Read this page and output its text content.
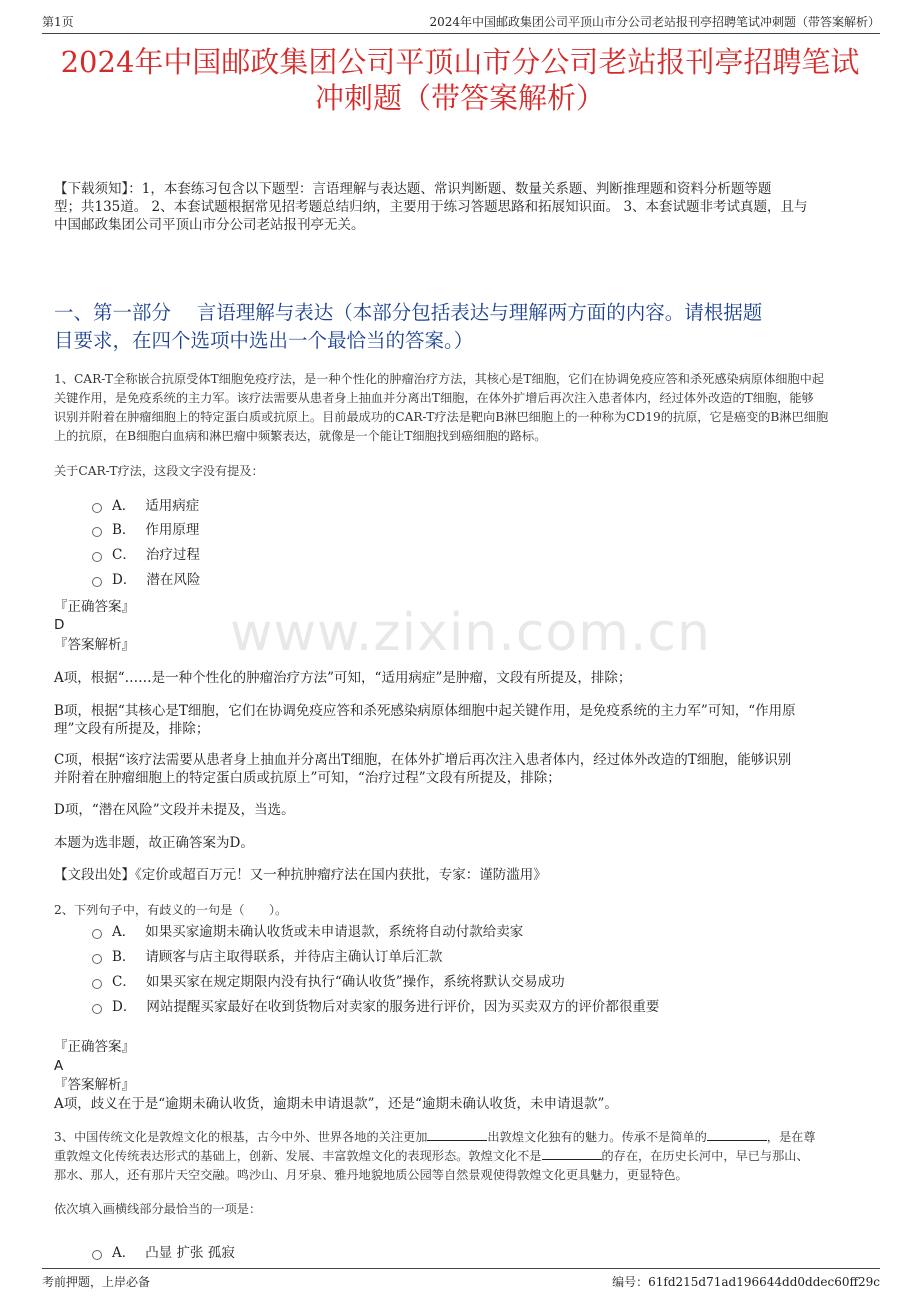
第1页	2024年中国邮政集团公司平顶山市分公司老站报刊亭招聘笔试冲刺题（带答案解析）
2024年中国邮政集团公司平顶山市分公司老站报刊亭招聘笔试
冲刺题（带答案解析）
【下载须知】：1，本套练习包含以下题型：言语理解与表达题、常识判断题、数量关系题、判断推理题和资料分析题等题
型；共135道。 2、本套试题根据常见招考题总结归纳，主要用于练习答题思路和拓展知识面。 3、本套试题非考试真题，且与
中国邮政集团公司平顶山市分公司老站报刊亭无关。
一、第一部分　 言语理解与表达（本部分包括表达与理解两方面的内容。请根据题
目要求，在四个选项中选出一个最恰当的答案。）
1、CAR-T全称嵌合抗原受体T细胞免疫疗法，是一种个性化的肿瘤治疗方法，其核心是T细胞，它们在协调免疫应答和杀死感染病原体细胞中起
关键作用，是免疫系统的主力军。该疗法需要从患者身上抽血并分离出T细胞，在体外扩增后再次注入患者体内，经过体外改造的T细胞，能够
识别并附着在肿瘤细胞上的特定蛋白质或抗原上。目前最成功的CAR-T疗法是靶向B淋巴细胞上的一种称为CD19的抗原，它是癌变的B淋巴细胞
上的抗原，在B细胞白血病和淋巴瘤中频繁表达，就像是一个能让T细胞找到癌细胞的路标。
关于CAR-T疗法，这段文字没有提及：
A． 适用病症
B． 作用原理
C． 治疗过程
D． 潜在风险
『正确答案』
D
『答案解析』
A项，根据“……是一种个性化的肿瘤治疗方法”可知，“适用病症”是肿瘤，文段有所提及，排除；
B项，根据“其核心是T细胞，它们在协调免疫应答和杀死感染病原体细胞中起关键作用，是免疫系统的主力军”可知，“作用原
理”文段有所提及，排除；
C项，根据“该疗法需要从患者身上抽血并分离出T细胞，在体外扩增后再次注入患者体内，经过体外改造的T细胞，能够识别
并附着在肿瘤细胞上的特定蛋白质或抗原上”可知，“治疗过程”文段有所提及，排除；
D项，“潜在风险”文段并未提及，当选。
本题为选非题，故正确答案为D。
【文段出处】《定价或超百万元！又一种抗肿瘤疗法在国内获批，专家：谨防滥用》
www.zixin.com.cn
2、下列句子中，有歧义的一句是（　　）。
A． 如果买家逾期未确认收货或未申请退款，系统将自动付款给卖家
B． 请顾客与店主取得联系，并待店主确认订单后汇款
C． 如果买家在规定期限内没有执行“确认收货”操作，系统将默认交易成功
D． 网站提醒买家最好在收到货物后对卖家的服务进行评价，因为买卖双方的评价都很重要
『正确答案』
A
『答案解析』
A项，歧义在于是“逾期未确认收货，逾期未申请退款”，还是“逾期未确认收货，未申请退款”。
3、中国传统文化是敦煌文化的根基，古今中外、世界各地的关注更加	出敦煌文化独有的魅力。传承不是简单的	，是在尊
重敦煌文化传统表达形式的基础上，创新、发展、丰富敦煌文化的表现形态。敦煌文化不是	的存在，在历史长河中，早已与那山、
那水、那人，还有那片天空交融。鸣沙山、月牙泉、雅丹地貌地质公园等自然景观使得敦煌文化更具魅力，更显特色。
依次填入画横线部分最恰当的一项是：
A． 凸显 扩张 孤寂
考前押题，上岸必备	编号：61fd215d71ad196644dd0ddec60ff29c
